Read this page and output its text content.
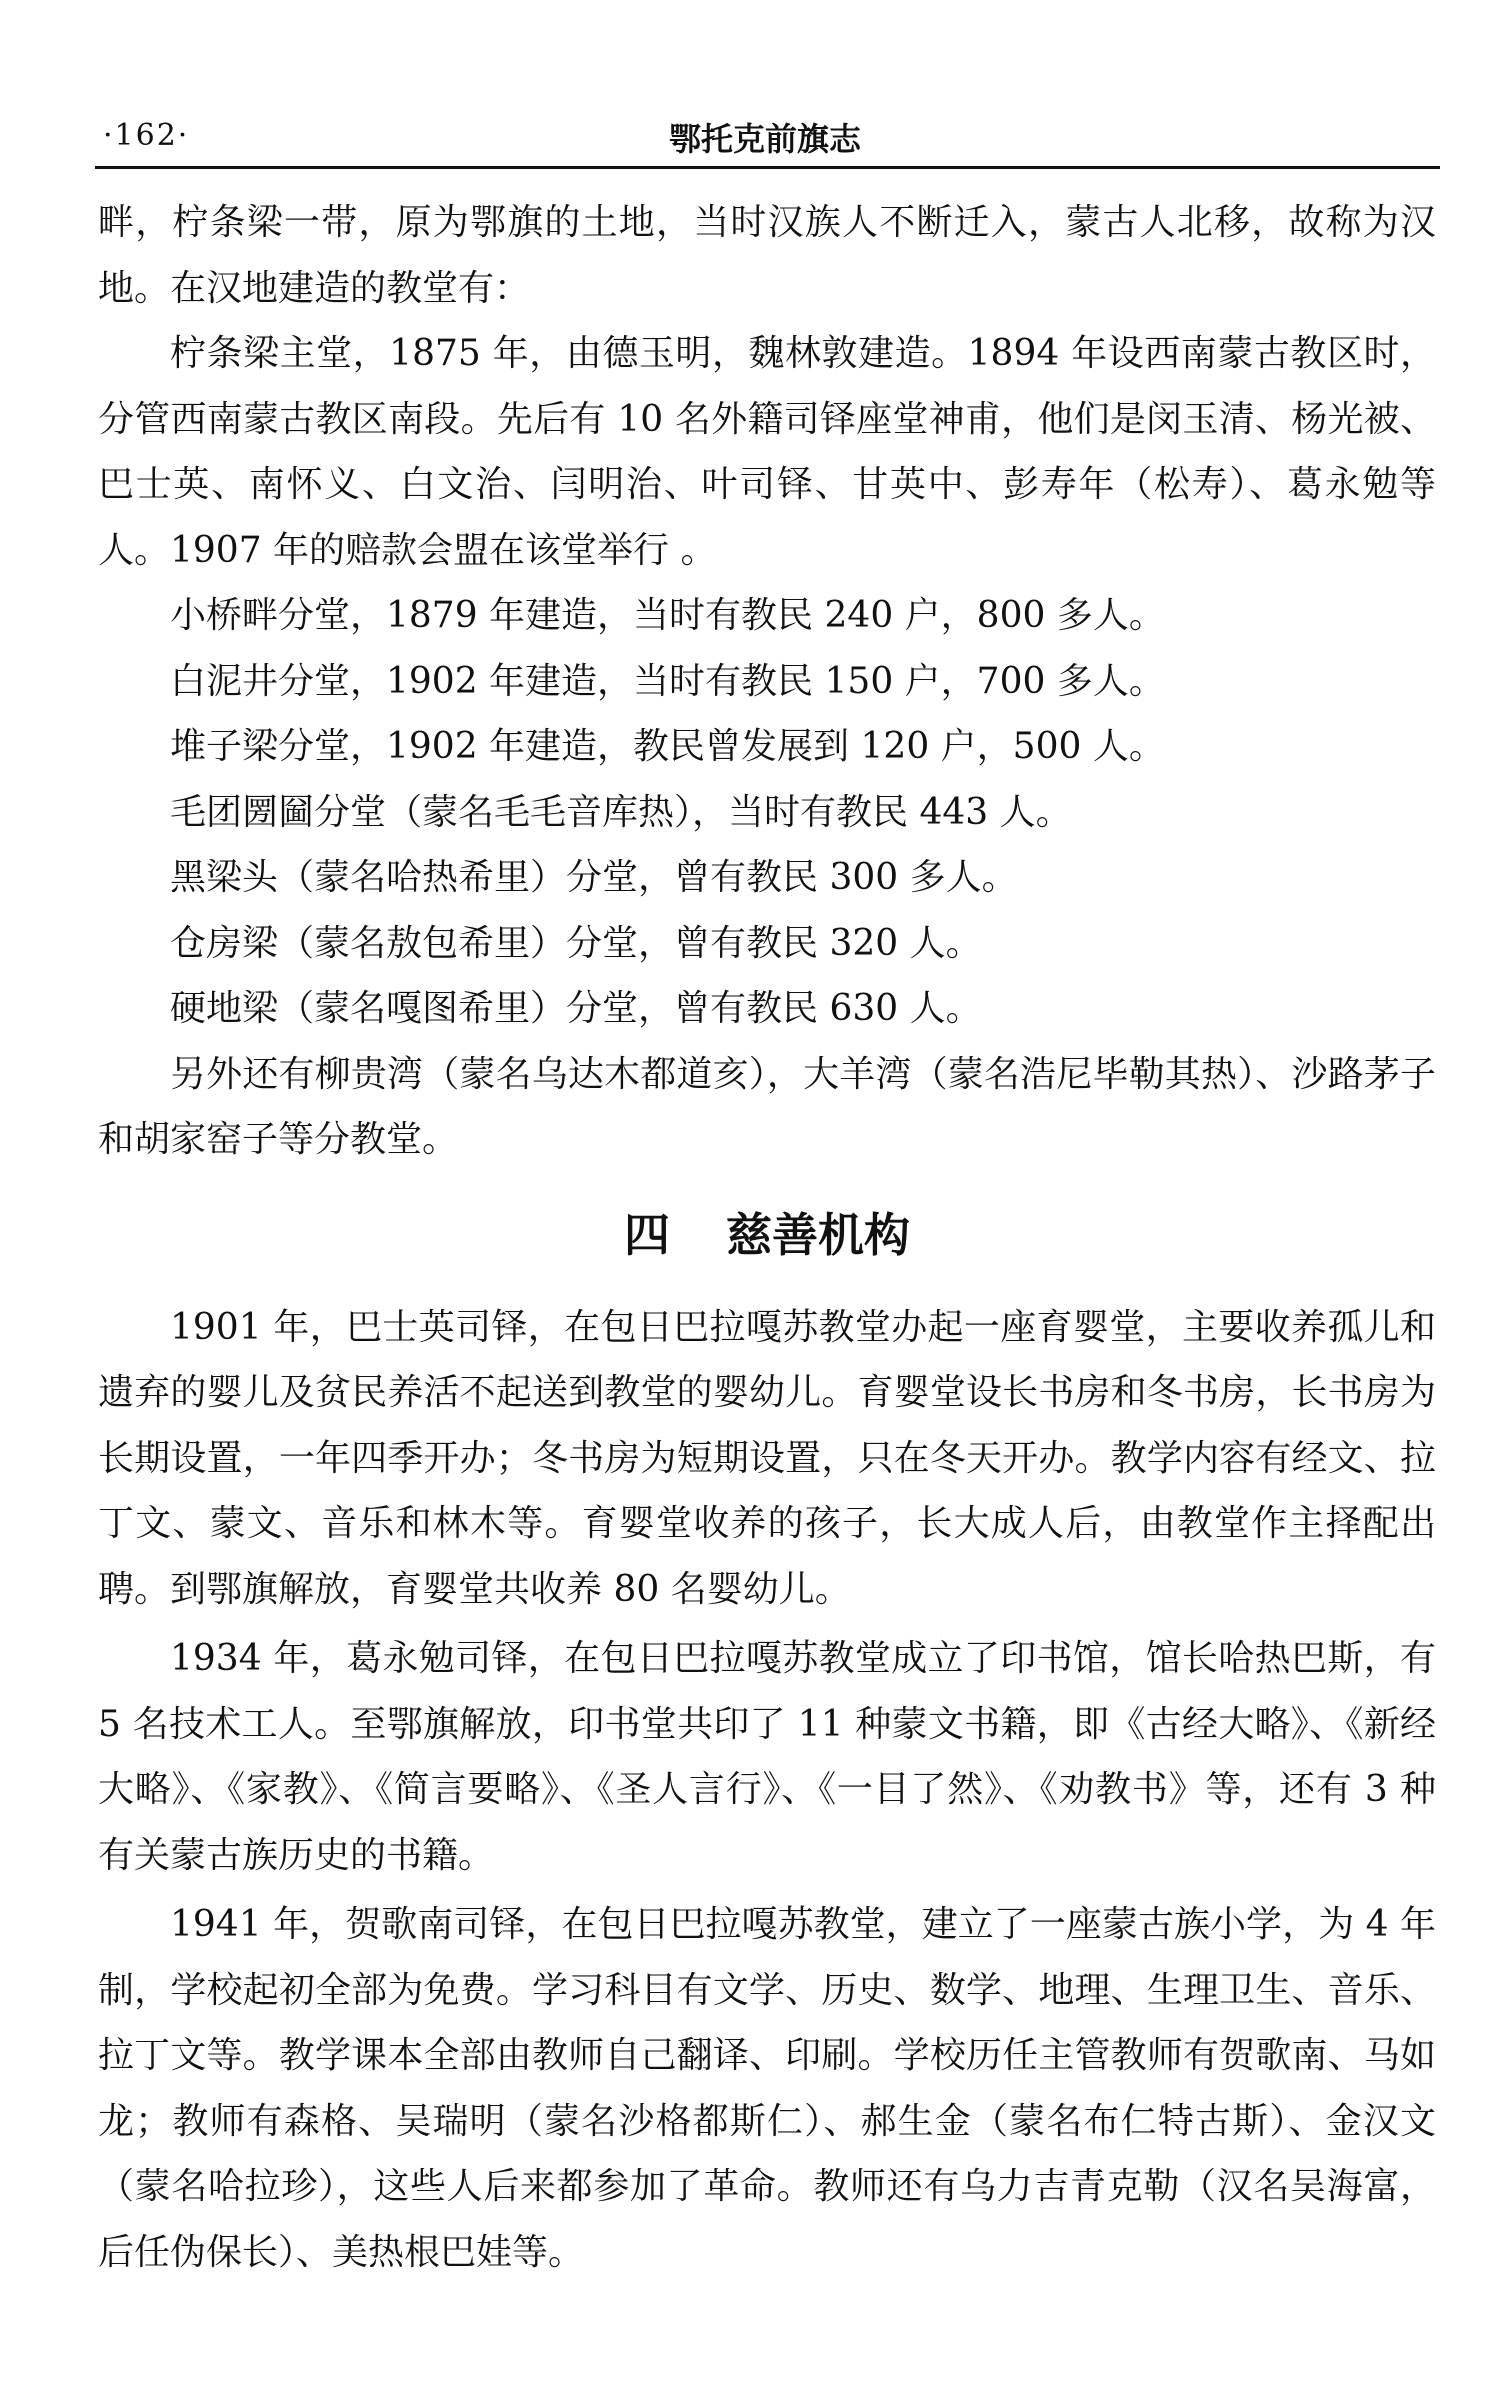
·162·	鄂托克前旗志

畔，柠条梁一带，原为鄂旗的土地，当时汉族人不断迁入，蒙古人北移，故称为汉地。在汉地建造的教堂有：

柠条梁主堂，1875 年，由德玉明，魏林敦建造。1894 年设西南蒙古教区时，分管西南蒙古教区南段。先后有 10 名外籍司铎座堂神甫，他们是闵玉清、杨光被、巴士英、南怀义、白文治、闫明治、叶司铎、甘英中、彭寿年（松寿）、葛永勉等人。1907 年的赔款会盟在该堂举行 。

小桥畔分堂，1879 年建造，当时有教民 240 户，800 多人。

白泥井分堂，1902 年建造，当时有教民 150 户，700 多人。

堆子梁分堂，1902 年建造，教民曾发展到 120 户，500 人。

毛团圐圙分堂（蒙名毛毛音库热），当时有教民 443 人。

黑梁头（蒙名哈热希里）分堂，曾有教民 300 多人。

仓房梁（蒙名敖包希里）分堂，曾有教民 320 人。

硬地梁（蒙名嘎图希里）分堂，曾有教民 630 人。

另外还有柳贵湾（蒙名乌达木都道亥），大羊湾（蒙名浩尼毕勒其热）、沙路茅子和胡家窑子等分教堂。

四 慈善机构

1901 年，巴士英司铎，在包日巴拉嘎苏教堂办起一座育婴堂，主要收养孤儿和遗弃的婴儿及贫民养活不起送到教堂的婴幼儿。育婴堂设长书房和冬书房，长书房为长期设置，一年四季开办；冬书房为短期设置，只在冬天开办。教学内容有经文、拉丁文、蒙文、音乐和林木等。育婴堂收养的孩子，长大成人后，由教堂作主择配出聘。到鄂旗解放，育婴堂共收养 80 名婴幼儿。

1934 年，葛永勉司铎，在包日巴拉嘎苏教堂成立了印书馆，馆长哈热巴斯，有 5 名技术工人。至鄂旗解放，印书堂共印了 11 种蒙文书籍，即《古经大略》、《新经大略》、《家教》、《简言要略》、《圣人言行》、《一目了然》、《劝教书》等，还有 3 种有关蒙古族历史的书籍。

1941 年，贺歌南司铎，在包日巴拉嘎苏教堂，建立了一座蒙古族小学，为 4 年制，学校起初全部为免费。学习科目有文学、历史、数学、地理、生理卫生、音乐、拉丁文等。教学课本全部由教师自己翻译、印刷。学校历任主管教师有贺歌南、马如龙；教师有森格、吴瑞明（蒙名沙格都斯仁）、郝生金（蒙名布仁特古斯）、金汉文（蒙名哈拉珍），这些人后来都参加了革命。教师还有乌力吉青克勒（汉名吴海富，后任伪保长）、美热根巴娃等。
